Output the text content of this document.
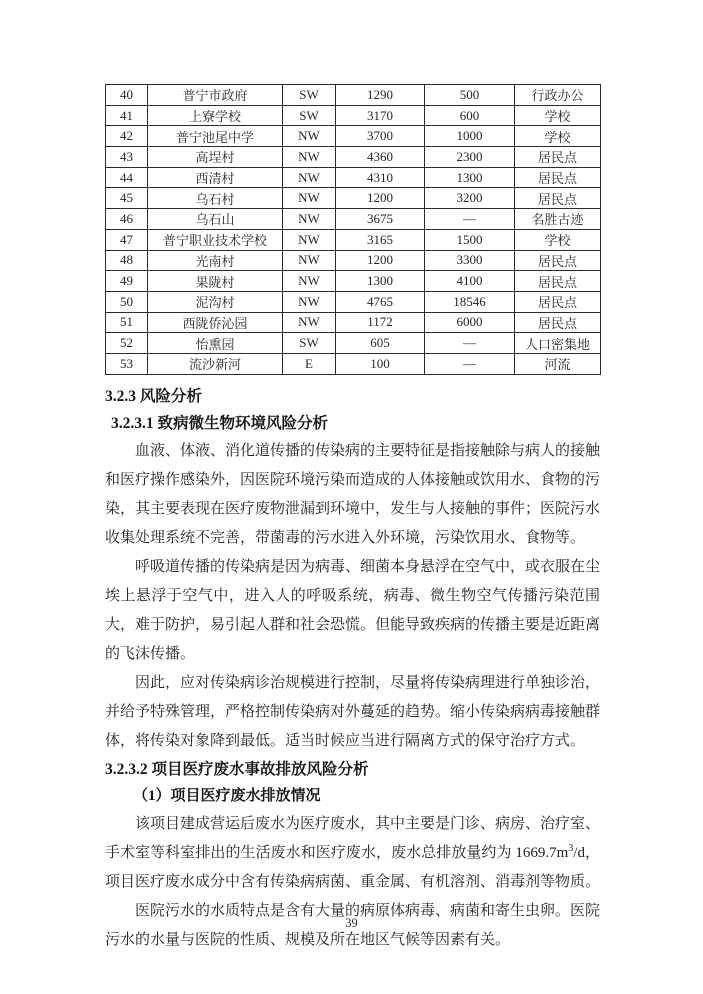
40	普宁市政府	SW	1290	500	行政办公
41	上寮学校	SW	3170	600	学校
42	普宁池尾中学	NW	3700	1000	学校
43	高埕村	NW	4360	2300	居民点
44	西清村	NW	4310	1300	居民点
45	乌石村	NW	1200	3200	居民点
46	乌石山	NW	3675	—	名胜古迹
47	普宁职业技术学校	NW	3165	1500	学校
48	光南村	NW	1200	3300	居民点
49	果陇村	NW	1300	4100	居民点
50	泥沟村	NW	4765	18546	居民点
51	西陇侨沁园	NW	1172	6000	居民点
52	怡熏园	SW	605	—	人口密集地
53	流沙新河	E	100	—	河流
3.2.3 风险分析
3.2.3.1 致病微生物环境风险分析

血液、体液、消化道传播的传染病的主要特征是指接触除与病人的接触和医疗操作感染外，因医院环境污染而造成的人体接触或饮用水、食物的污染，其主要表现在医疗废物泄漏到环境中，发生与人接触的事件；医院污水收集处理系统不完善，带菌毒的污水进入外环境，污染饮用水、食物等。

呼吸道传播的传染病是因为病毒、细菌本身悬浮在空气中，或衣服在尘埃上悬浮于空气中，进入人的呼吸系统，病毒、微生物空气传播污染范围大，难于防护，易引起人群和社会恐慌。但能导致疾病的传播主要是近距离的飞沫传播。

因此，应对传染病诊治规模进行控制，尽量将传染病理进行单独诊治，并给予特殊管理，严格控制传染病对外蔓延的趋势。缩小传染病病毒接触群体，将传染对象降到最低。适当时候应当进行隔离方式的保守治疗方式。

3.2.3.2 项目医疗废水事故排放风险分析
（1）项目医疗废水排放情况

该项目建成营运后废水为医疗废水，其中主要是门诊、病房、治疗室、手术室等科室排出的生活废水和医疗废水，废水总排放量约为 $1669.7m^3/d$，项目医疗废水成分中含有传染病病菌、重金属、有机溶剂、消毒剂等物质。

医院污水的水质特点是含有大量的病原体病毒、病菌和寄生虫卵。医院污水的水量与医院的性质、规模及所在地区气候等因素有关。

39
